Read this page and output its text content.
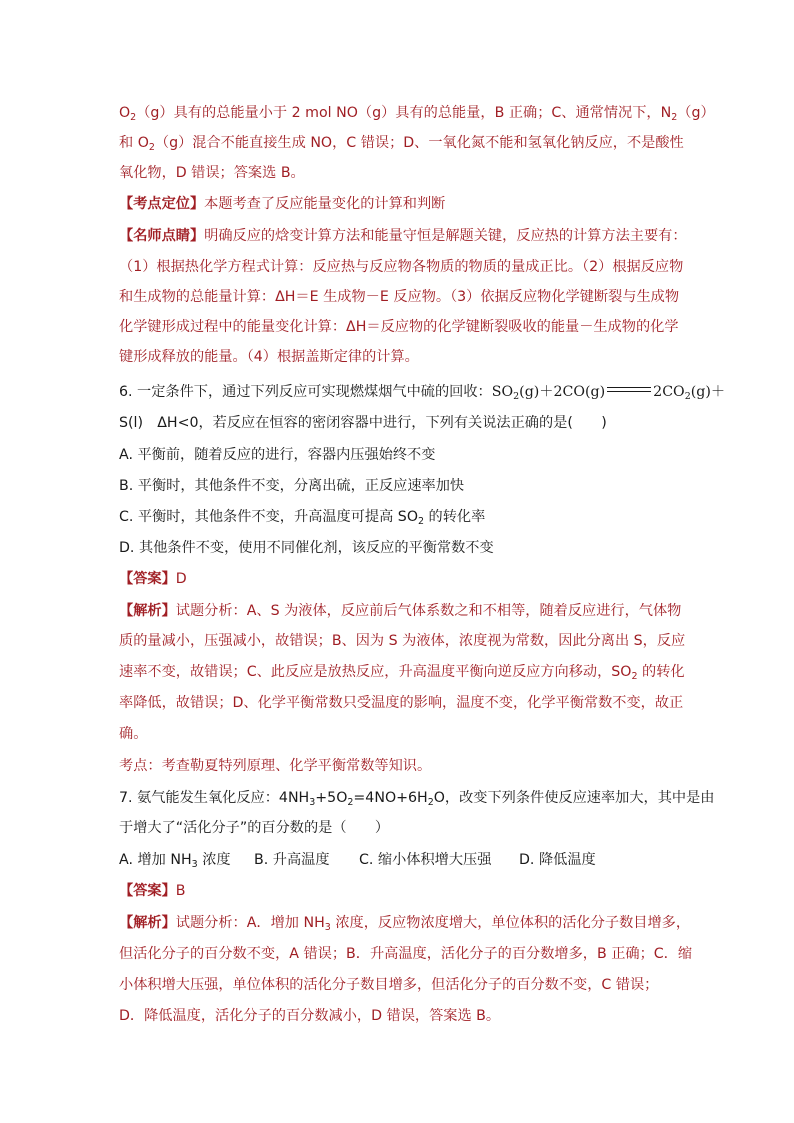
$O_2(g)$具有的总能量小于 2 mol NO（g）具有的总能量，B 正确；C、通常情况下，$N_2(g)$
和 $O_2(g)$混合不能直接生成 NO，C 错误；D、一氧化氮不能和氢氧化钠反应，不是酸性
氧化物，D 错误；答案选 B。
【考点定位】本题考查了反应能量变化的计算和判断
【名师点睛】明确反应的焓变计算方法和能量守恒是解题关键，反应热的计算方法主要有：
（1）根据热化学方程式计算：反应热与反应物各物质的物质的量成正比。（2）根据反应物
和生成物的总能量计算：ΔH＝E 生成物－E 反应物。（3）依据反应物化学键断裂与生成物
化学键形成过程中的能量变化计算：ΔH＝反应物的化学键断裂吸收的能量－生成物的化学
键形成释放的能量。（4）根据盖斯定律的计算。
6. 一定条件下，通过下列反应可实现燃煤烟气中硫的回收：$SO_2(g)+2CO(g)$	$2CO_2(g)+$
S(l)　ΔH<0，若反应在恒容的密闭容器中进行，下列有关说法正确的是(　　)
A. 平衡前，随着反应的进行，容器内压强始终不变
B. 平衡时，其他条件不变，分离出硫，正反应速率加快
C. 平衡时，其他条件不变，升高温度可提高 $SO_2$ 的转化率
D. 其他条件不变，使用不同催化剂，该反应的平衡常数不变
【答案】D
【解析】试题分析：A、S 为液体，反应前后气体系数之和不相等，随着反应进行，气体物
质的量减小，压强减小，故错误；B、因为 S 为液体，浓度视为常数，因此分离出 S，反应
速率不变，故错误；C、此反应是放热反应，升高温度平衡向逆反应方向移动，$SO_2$ 的转化
率降低，故错误；D、化学平衡常数只受温度的影响，温度不变，化学平衡常数不变，故正
确。
考点：考查勒夏特列原理、化学平衡常数等知识。
7. 氨气能发生氧化反应：$4NH_3+5O_2=4NO+6H_2O$，改变下列条件使反应速率加大，其中是由
于增大了“活化分子”的百分数的是（　　）
A. 增加 $NH_3$ 浓度 B. 升高温度 C. 缩小体积增大压强 D. 降低温度
【答案】B
【解析】试题分析：A．增加 $NH_3$ 浓度，反应物浓度增大，单位体积的活化分子数目增多，
但活化分子的百分数不变，A 错误；B．升高温度，活化分子的百分数增多，B 正确；C．缩
小体积增大压强，单位体积的活化分子数目增多，但活化分子的百分数不变，C 错误；
D．降低温度，活化分子的百分数减小，D 错误，答案选 B。
